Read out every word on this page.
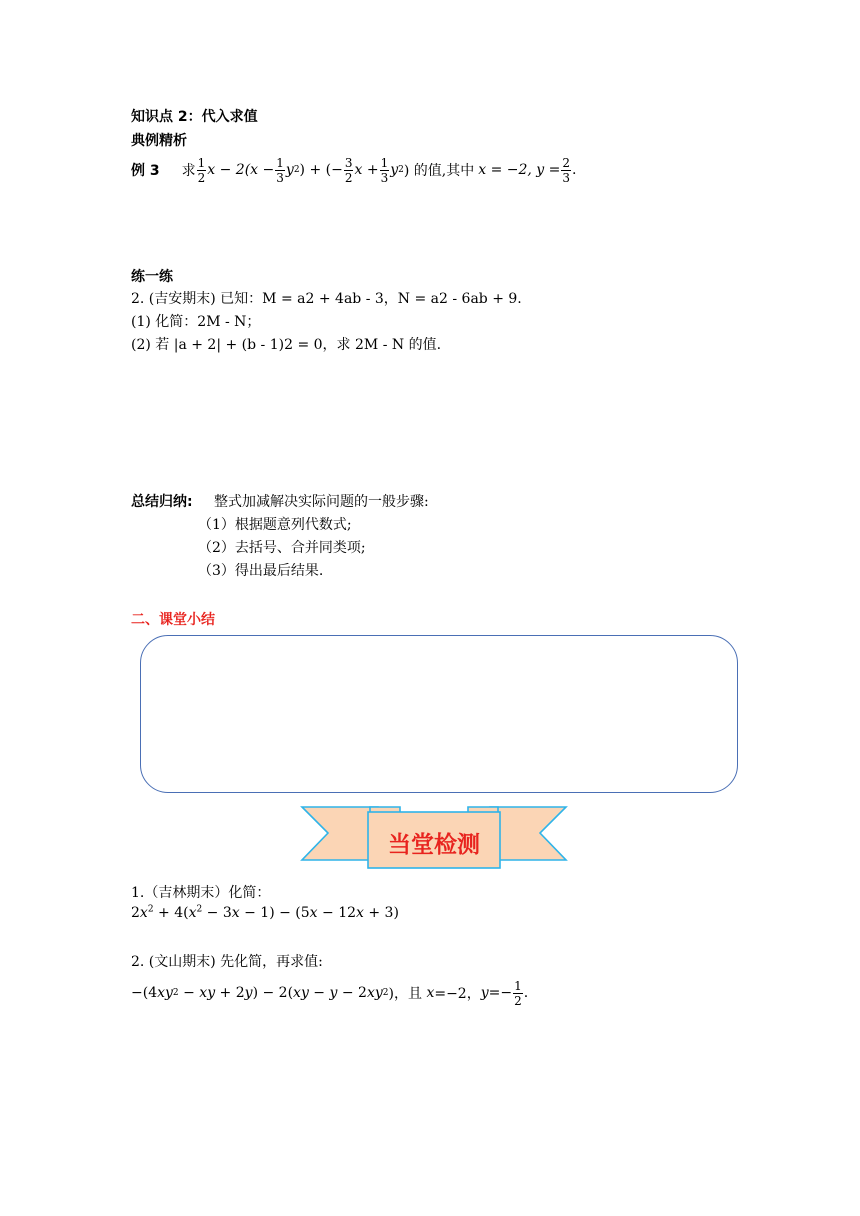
知识点 2：代入求值
典例精析
例 3 求 $\frac{1}{2}$ $x - 2(x - \frac{1}{3}$ y 2 ) + (− $\frac{3}{2}$ $x + \frac{1}{3}$ y 2 ) 的值,其中 x = −2, $y = \frac{2}{3}$ .
练一练
2. (吉安期末) 已知：M = a2 + 4ab - 3，N = a2 - 6ab + 9.
(1) 化简：2M - N；
(2) 若 |a + 2| + (b - 1)2 = 0，求 2M - N 的值.
总结归纳: 整式加减解决实际问题的一般步骤:
（1）根据题意列代数式;
（2）去括号、合并同类项;
（3）得出最后结果.
二、课堂小结
当堂检测
1.（吉林期末）化简：
$2x^2 + 4(x^2 - 3x - 1) - (5x - 12x + 3)$
2. (文山期末) 先化简，再求值:
−(4 xy 2 − xy + 2 y ) − 2( xy − y − 2 xy 2 )，且 x =−2， $y =- \frac{1}{2}$ .
